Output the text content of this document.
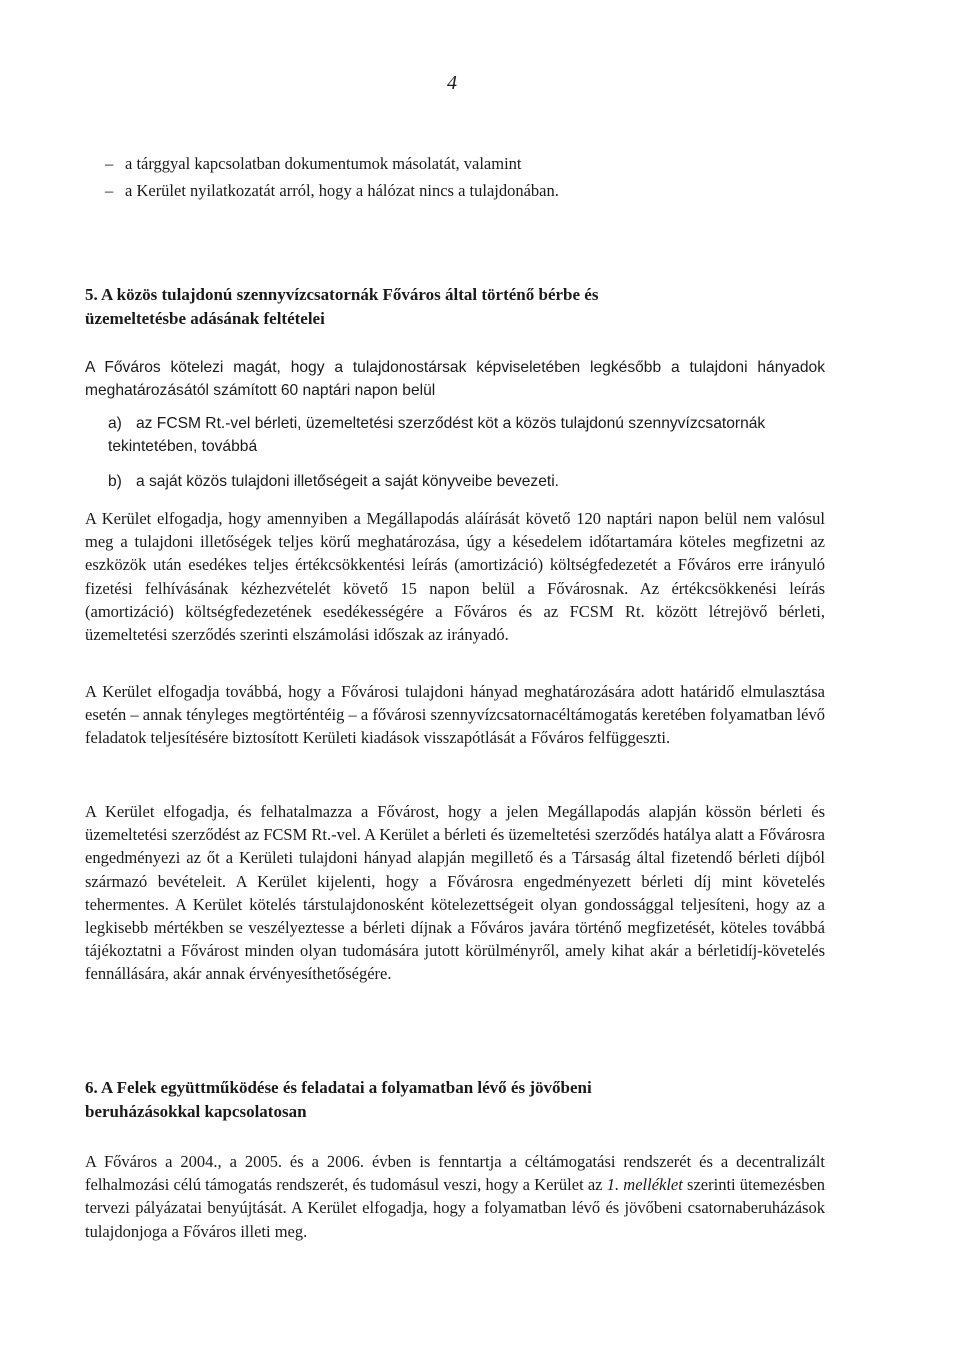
4
– a tárggyal kapcsolatban dokumentumok másolatát, valamint
– a Kerület nyilatkozatát arról, hogy a hálózat nincs a tulajdonában.
5. A közös tulajdonú szennyvízcsatornák Főváros által történő bérbe és
üzemeltetésbe adásának feltételei
A Főváros kötelezi magát, hogy a tulajdonostársak képviseletében legkésőbb a tulajdoni hányadok meghatározásától számított 60 naptári napon belül
a) az FCSM Rt.-vel bérleti, üzemeltetési szerződést köt a közös tulajdonú szennyvízcsatornák tekintetében, továbbá
b) a saját közös tulajdoni illetőségeit a saját könyveibe bevezeti.
A Kerület elfogadja, hogy amennyiben a Megállapodás aláírását követő 120 naptári napon belül nem valósul meg a tulajdoni illetőségek teljes körű meghatározása, úgy a késedelem időtartamára köteles megfizetni az eszközök után esedékes teljes értékcsökkentési leírás (amortizáció) költségfedezetét a Főváros erre irányuló fizetési felhívásának kézhezvételét követő 15 napon belül a Fővárosnak. Az értékcsökkenési leírás (amortizáció) költségfedezetének esedékességére a Főváros és az FCSM Rt. között létrejövő bérleti, üzemeltetési szerződés szerinti elszámolási időszak az irányadó.
A Kerület elfogadja továbbá, hogy a Fővárosi tulajdoni hányad meghatározására adott határidő elmulasztása esetén – annak tényleges megtörténtéig – a fővárosi szennyvízcsatornacéltámogatás keretében folyamatban lévő feladatok teljesítésére biztosított Kerületi kiadások visszapótlását a Főváros felfüggeszti.
A Kerület elfogadja, és felhatalmazza a Fővárost, hogy a jelen Megállapodás alapján kössön bérleti és üzemeltetési szerződést az FCSM Rt.-vel. A Kerület a bérleti és üzemeltetési szerződés hatálya alatt a Fővárosra engedményezi az őt a Kerületi tulajdoni hányad alapján megillető és a Társaság által fizetendő bérleti díjból származó bevételeit. A Kerület kijelenti, hogy a Fővárosra engedményezett bérleti díj mint követelés tehermentes. A Kerület kötelés társtulajdonosként kötelezettségeit olyan gondossággal teljesíteni, hogy az a legkisebb mértékben se veszélyeztesse a bérleti díjnak a Főváros javára történő megfizetését, köteles továbbá tájékoztatni a Fővárost minden olyan tudomására jutott körülményről, amely kihat akár a bérletidíj-követelés fennállására, akár annak érvényesíthetőségére.
6. A Felek együttműködése és feladatai a folyamatban lévő és jövőbeni
beruházásokkal kapcsolatosan
A Főváros a 2004., a 2005. és a 2006. évben is fenntartja a céltámogatási rendszerét és a decentralizált felhalmozási célú támogatás rendszerét, és tudomásul veszi, hogy a Kerület az 1. melléklet szerinti ütemezésben tervezi pályázatai benyújtását. A Kerület elfogadja, hogy a folyamatban lévő és jövőbeni csatornaberuházások tulajdonjoga a Főváros illeti meg.
